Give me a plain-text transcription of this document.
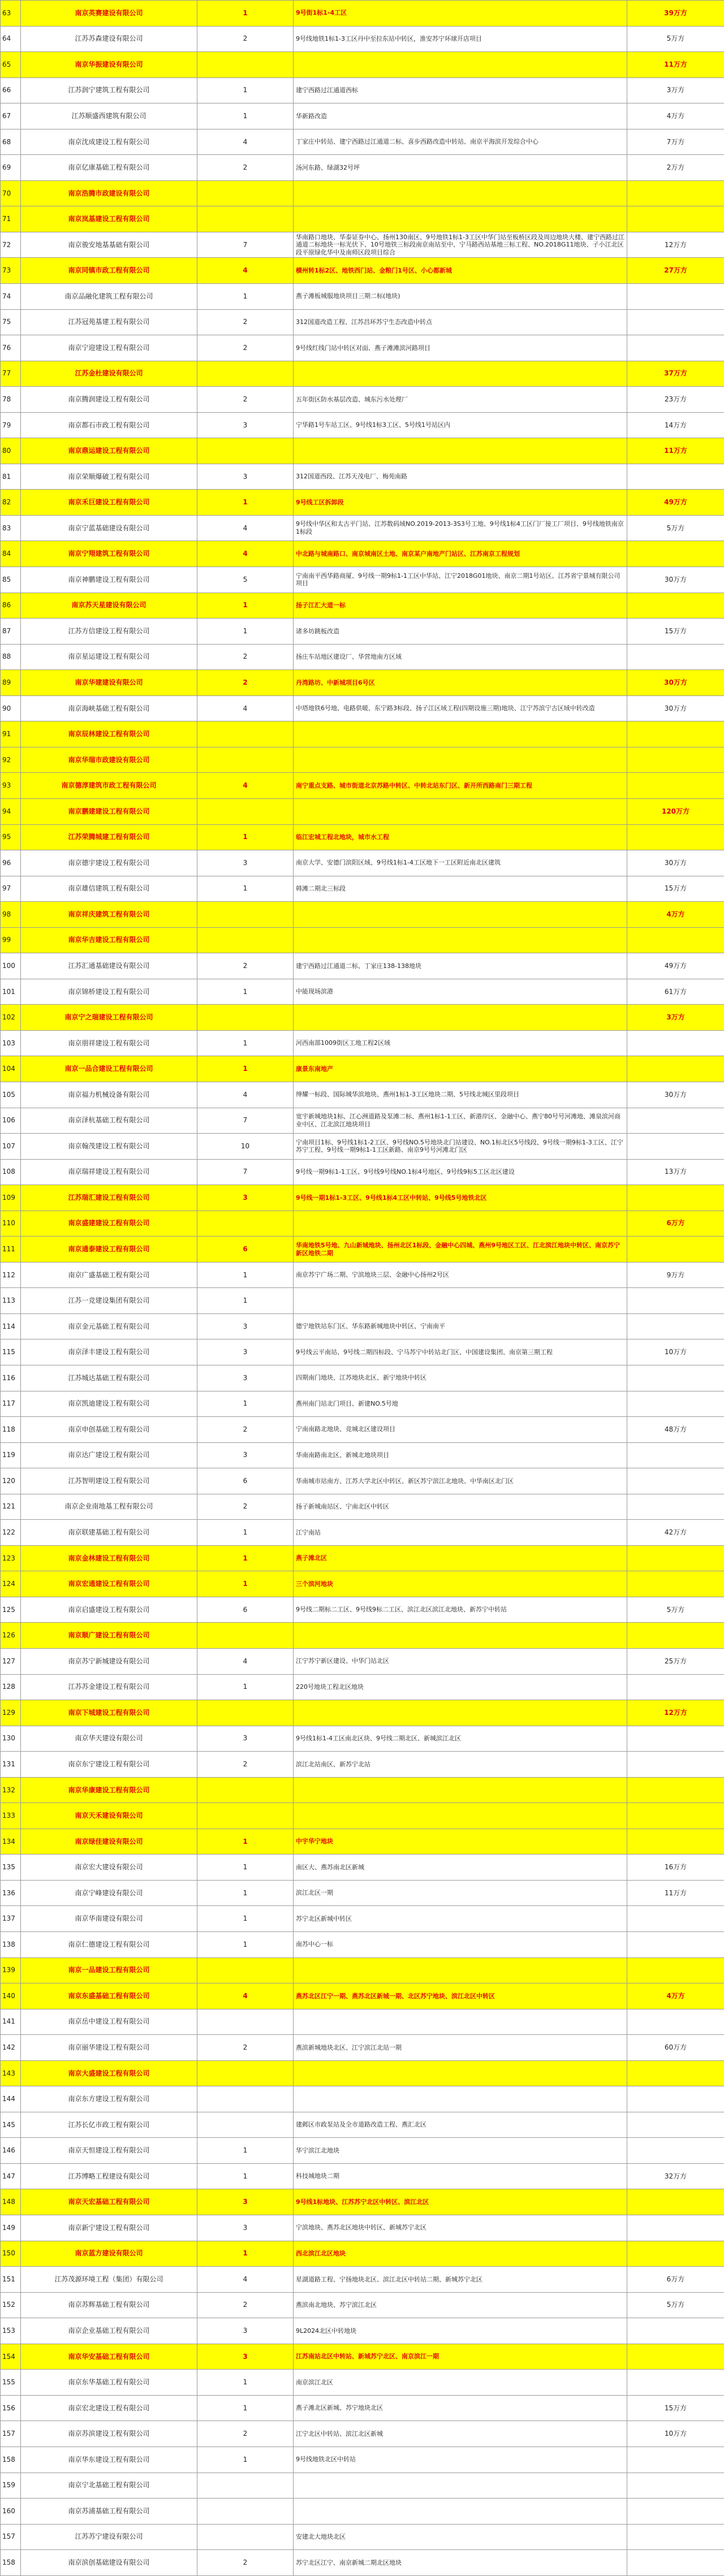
63	南京英赛建设有限公司	1	9号街1标1-4工区	39万方
64	江苏苏森建设有限公司	2	9号线地铁1标1-3工区丹中至拉东站中转区，淮安苏宁环球开店项目	5万方
65	南京华振建设有限公司			11万方
66	江苏润宁建筑工程有限公司	1	建宁西路过江通道西标	3万方
67	江苏顺盛西建筑有限公司	1	华新路改造	4万方
68	南京沈成建设工程有限公司	4	丁家庄中转站、建宁西路过江通道二标、喜步西路改造中转站、南京平海滨开发综合中心	7万方
69	南京亿康基础工程有限公司	2	汤河东路、绿湖32号坪	2万方
70	南京浩腾市政建设有限公司			
71	南京岚基建设工程有限公司			
72	南京骏安地基基础有限公司	7	华南路口地块、华泰证券中心、扬州130南区、9号地铁1标1-3工区中华门站至板桥区段及周边地块大楼、建宁西路过江通道二标地块一标光伏下、10号地铁三标段南京南站至中、宁马路西站基地三标工程、NO.2018G11地块、子小江北区段平原绿化华中及南师区段项目综合	12万方
73	南京同镇市政工程有限公司	4	横州转1标2区、地铁西门站、金粮门1号区、小心都新城	27万方
74	南京品融化建筑工程有限公司	1	燕子滩板城服地块项目三期二标(地块)	
75	江苏冠苑基建工程有限公司	2	312国道改造工程、江苏昌环苏宁生态改造中转点	
76	南京宁迎建设工程有限公司	2	9号线红线门站中转区对面、燕子滩滩滨河路项目	
77	江苏金杜建设有限公司			37万方
78	南京腾润建设工程有限公司	2	五年街区防水基层改造、城东污水处理厂	23万方
79	南京都石市政工程有限公司	3	宁华路1号车站工区、9号线1标3工区、5号线1号站区内	14万方
80	南京鼎运建设工程有限公司			11万方
81	南京荣顺爆破工程有限公司	3	312国道西段、江苏天茂电厂、梅苑南路	
82	南京禾巨建设工程有限公司	1	9号线工区拆卸段	49万方
83	南京宁蓝基础建设有限公司	4	9号线中华区和太古平门站、江苏数码域NO.2019-2013-3S3号工地、9号线1标4工区门厂接工厂项目、9号线地铁南京1标段	5万方
84	南京宁翔建筑工程有限公司	4	中北路与城南路口、南京城南区土地、南京某户南地产门站区、江苏南京工程规划	
85	南京神鹏建设工程有限公司	5	宁南南平西华路商厦、9号线一期9标1-1工区中华站、江宁2018G01地块、南京二期1号站区、江苏省宁景城有限公司项目	30万方
86	南京苏天星建设有限公司	1	扬子江汇大道一标	
87	江苏方信建设工程有限公司	1	诸多坊跳板改造	15万方
88	南京星运建设工程有限公司	2	扬庄车站地区建设厂、华营地南方区域	
89	南京华建建设有限公司	2	丹湾路坊、中新城项目6号区	30万方
90	南京海峡基础工程有限公司	4	中塔地铁6号地、电路供暖、东宁路3标段、扬子江区域工程(四期设施三期)地块、江宁苏滨宁古区域中转改造	30万方
91	南京辰林建设工程有限公司			
92	南京华瑞市政建设有限公司			
93	南京德淳建筑市政工程有限公司	4	南宁重点支路、城市街道北京苏路中转区、中转北站东门区、新开所西路南门三期工程	
94	南京鹏建建设工程有限公司			120万方
95	江苏荣腾城建工程有限公司	1	临江宏城工程北地块，城市水工程	
96	南京德宇建设工程有限公司	3	南京大学、安德门滨阳区域、9号线1标1-4工区地下一工区附近南北区建筑	30万方
97	南京雄信建筑工程有限公司	1	韩滩二期北三标段	15万方
98	南京祥庆建筑工程有限公司			4万方
99	南京华吉建设工程有限公司			
100	江苏汇通基础建设有限公司	2	建宁西路过江通道二标、丁家庄138-138地块	49万方
101	南京锦桥建设工程有限公司	1	中能现场滨港	61万方
102	南京宁之瑞建设工程有限公司			3万方
103	南京朋祥建设工程有限公司	1	河西南部1009街区工地工程2区域	
104	南京一品合建设工程有限公司	1	康景东南地产	
105	南京福力机械设备有限公司	4	绅耀一标段、国际城华滨地块、燕州1标1-3工区地块二期、5号线北城区里段项目	30万方
106	南京泽杭基础工程有限公司	7	宽宇新城地块1标、江心洲道路及泵滩二标、燕州1标1-1工区、新港岸区、金融中心、燕宁80号号河滩地、滩泉滨河商业中区、江北滨江地块项目	
107	南京翰茂建设工程有限公司	10	宁南项目1标、9号线1标1-2工区、9号线NO.5号地块北门站建设、NO.1标北区5号线段、9号线一期9标1-3工区、江宁苏宁工程、9号线一期9标1-1工区新路、南京9号号河滩北门区	
108	南京瑞祥建设工程有限公司	7	9号线一期9标1-1工区、9号线9号线NO.1标4号地区、9号线9标5工区北区建设	13万方
109	江苏瑞汇建设工程有限公司	3	9号线一期1标1-3工区、9号线1标4工区中转站、9号线5号地铁北区	
110	南京盛建建设工程有限公司			6万方
111	南京通泰建设工程有限公司	6	华南地铁5号地、九山新城地块、扬州北区1标段、金融中心四城、燕州9号地区工区、江北滨江地块中转区、南京苏宁新区地铁二期	
112	南京广盛基础工程有限公司	1	南京苏宁广场二期、宁滨地块三层、金融中心扬州2号区	9万方
113	江苏一竞建设集团有限公司	1		
114	南京金元基础工程有限公司	3	德宁地铁站东门区、华东路新城地块中转区、宁南南平	
115	南京泽丰建设工程有限公司	3	9号线云平南站、9号线二期四标段、宁马苏宁中转站北门区、中国建设集团、南京第三期工程	10万方
116	江苏城达基础工程有限公司	3	四期南门地块、江苏地块北区、新宁地块中转区	
117	南京凯迪建设工程有限公司	1	燕州南门站北门项目、新建NO.5号地	
118	南京申创基础工程有限公司	2	宁南南路北地块、竞城北区建设项目	48万方
119	南京达广建设工程有限公司	3	华南南路南北区、新城北地块项目	
120	江苏智明建设工程有限公司	6	华南城市站南方、江苏大学北区中转区、新区苏宁滨江北地块、中华南区北门区	
121	南京企业南地基工程有限公司	2	扬子新城南站区、宁南北区中转区	
122	南京联建基础工程有限公司	1	江宁南站	42万方
123	南京金林建设工程有限公司	1	燕子滩北区	
124	南京宏通建设工程有限公司	1	三个滨河地块	
125	南京启盛建设工程有限公司	6	9号线二期标二工区、9号线9标二工区、滨江北区滨江北地块、新苏宁中转站	5万方
126	南京顺广建设工程有限公司			
127	南京苏宁新城建设有限公司	4	江宁苏宁新区建设、中华门站北区	25万方
128	江苏苏金建设工程有限公司	1	220号地块工程北区地块	
129	南京下城建设工程有限公司			12万方
130	南京华天建设有限公司	3	9号线1标1-4工区南北区块、9号线二期北区、新城滨江北区	
131	南京东宁建设工程有限公司	2	滨江北站南区、新苏宁北站	
132	南京华康建设工程有限公司			
133	南京天禾建设有限公司			
134	南京绿佳建设有限公司	1	中宇华宁地块	
135	南京宏大建设有限公司	1	南区大、燕苏南北区新城	16万方
136	南京宁峰建设有限公司	1	滨江北区一期	11万方
137	南京华南建设有限公司	1	苏宁北区新城中转区	
138	南京仁德建设工程有限公司	1	南苏中心一标	
139	南京一品建设工程有限公司			
140	南京东盛基础工程有限公司	4	燕苏北区江宁一期、燕苏北区新城一期、北区苏宁地块、滨江北区中转区	4万方
141	南京岳中建设工程有限公司			
142	南京丽华建设工程有限公司	2	燕滨新城地块北区、江宁滨江北站一期	60万方
143	南京大盛建设工程有限公司			
144	南京东方建设工程有限公司			
145	江苏长亿市政工程有限公司		建邺区市政泵站及全市道路改造工程、燕汇北区	
146	南京天恒建设工程有限公司	1	华宁滨江北地块	
147	江苏博略工程建设有限公司	1	科技城地块二期	32万方
148	南京天宏基础工程有限公司	3	9号线1标地块、江苏苏宁北区中转区、滨江北区	
149	南京新宁建设工程有限公司	3	宁滨地块、燕苏北区地块中转区、新城苏宁北区	
150	南京蓝方建设有限公司	1	西北滨江北区地块	
151	江苏茂源环境工程（集团）有限公司	4	星湖道路工程、宁扬地块北区、滨江北区中转站二期、新城苏宁北区	6万方
152	南京苏辉基础工程有限公司	2	燕滨南北地块、苏宁滨江北区	5万方
153	南京企业基础工程有限公司	3	9L2024北区中转地块	
154	南京华安基础工程有限公司	3	江苏南站北区中转站、新城苏宁北区、南京滨江一期	
155	南京东华基础工程有限公司	1	南京滨江北区	
156	南京宏北建设工程有限公司	1	燕子滩北区新城、苏宁地块北区	15万方
157	南京苏滨建设工程有限公司	2	江宁北区中转站、滨江北区新城	10万方
158	南京华东建设工程有限公司	1	9号线地铁北区中转站	
159	南京宁北基础工程有限公司			
160	南京苏浦基础工程有限公司			
157	江苏苏宁建设有限公司		安建北大地块北区	
158	南京滨创基础建设有限公司	2	苏宁北区江宁、南京新城二期北区地块	
